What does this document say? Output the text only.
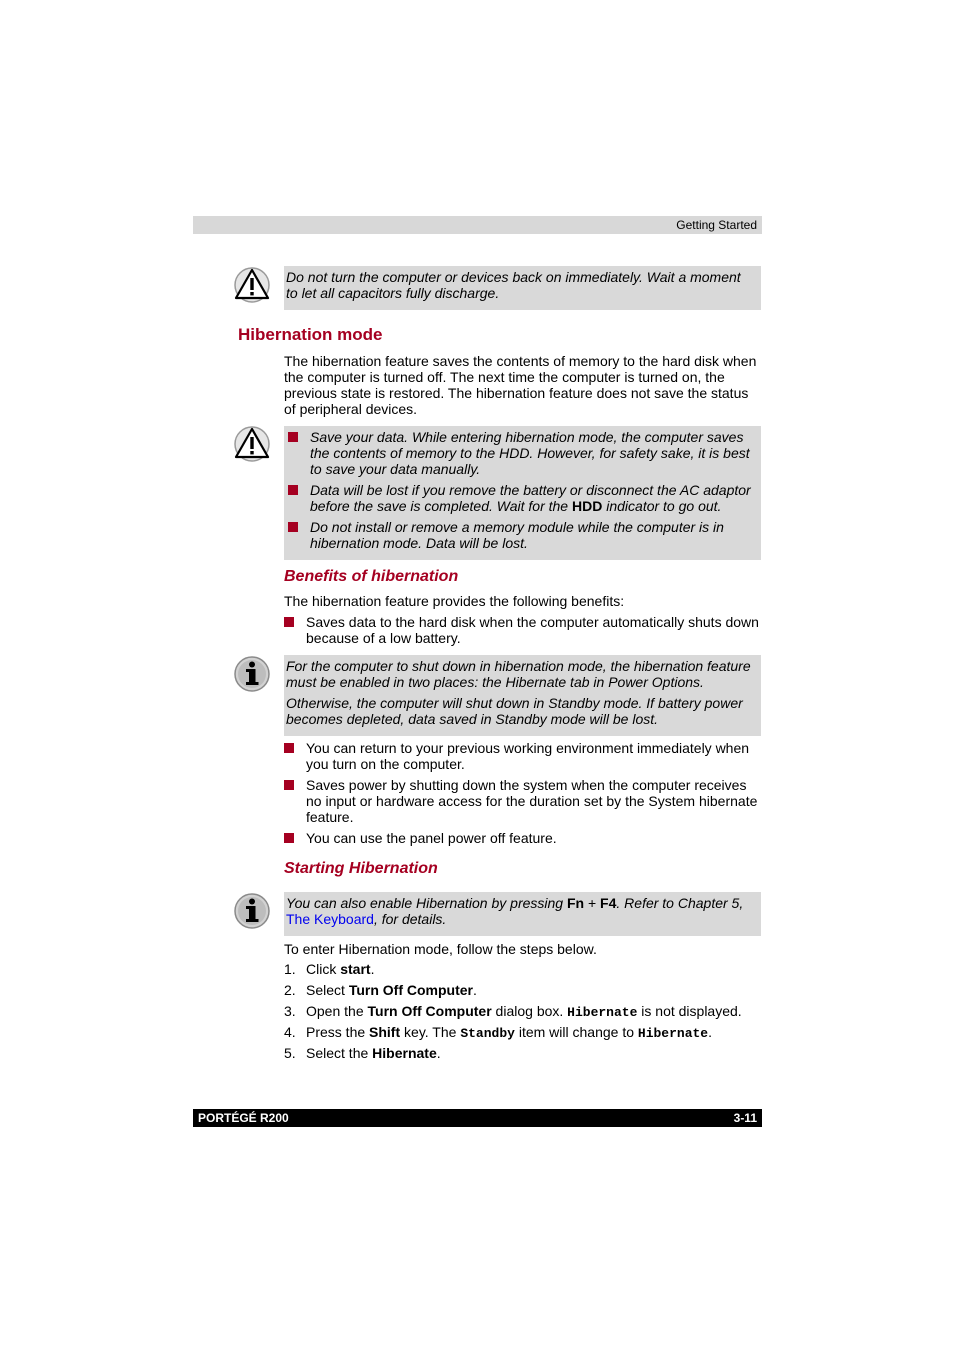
Getting Started

Do not turn the computer or devices back on immediately. Wait a moment to let all capacitors fully discharge.

Hibernation mode

The hibernation feature saves the contents of memory to the hard disk when the computer is turned off. The next time the computer is turned on, the previous state is restored. The hibernation feature does not save the status of peripheral devices.

Save your data. While entering hibernation mode, the computer saves the contents of memory to the HDD. However, for safety sake, it is best to save your data manually.
Data will be lost if you remove the battery or disconnect the AC adaptor before the save is completed. Wait for the HDD indicator to go out.
Do not install or remove a memory module while the computer is in hibernation mode. Data will be lost.
Benefits of hibernation

The hibernation feature provides the following benefits:

Saves data to the hard disk when the computer automatically shuts down because of a low battery.

For the computer to shut down in hibernation mode, the hibernation feature must be enabled in two places: the Hibernate tab in Power Options.

Otherwise, the computer will shut down in Standby mode. If battery power becomes depleted, data saved in Standby mode will be lost.

You can return to your previous working environment immediately when you turn on the computer.
Saves power by shutting down the system when the computer receives no input or hardware access for the duration set by the System hibernate feature.
You can use the panel power off feature.
Starting Hibernation

You can also enable Hibernation by pressing Fn + F4. Refer to Chapter 5, The Keyboard, for details.

To enter Hibernation mode, follow the steps below.

1. Click start.
2. Select Turn Off Computer.
3. Open the Turn Off Computer dialog box. Hibernate is not displayed.
4. Press the Shift key. The Standby item will change to Hibernate.
5. Select the Hibernate.
PORTÉGÉ R200	3-11
